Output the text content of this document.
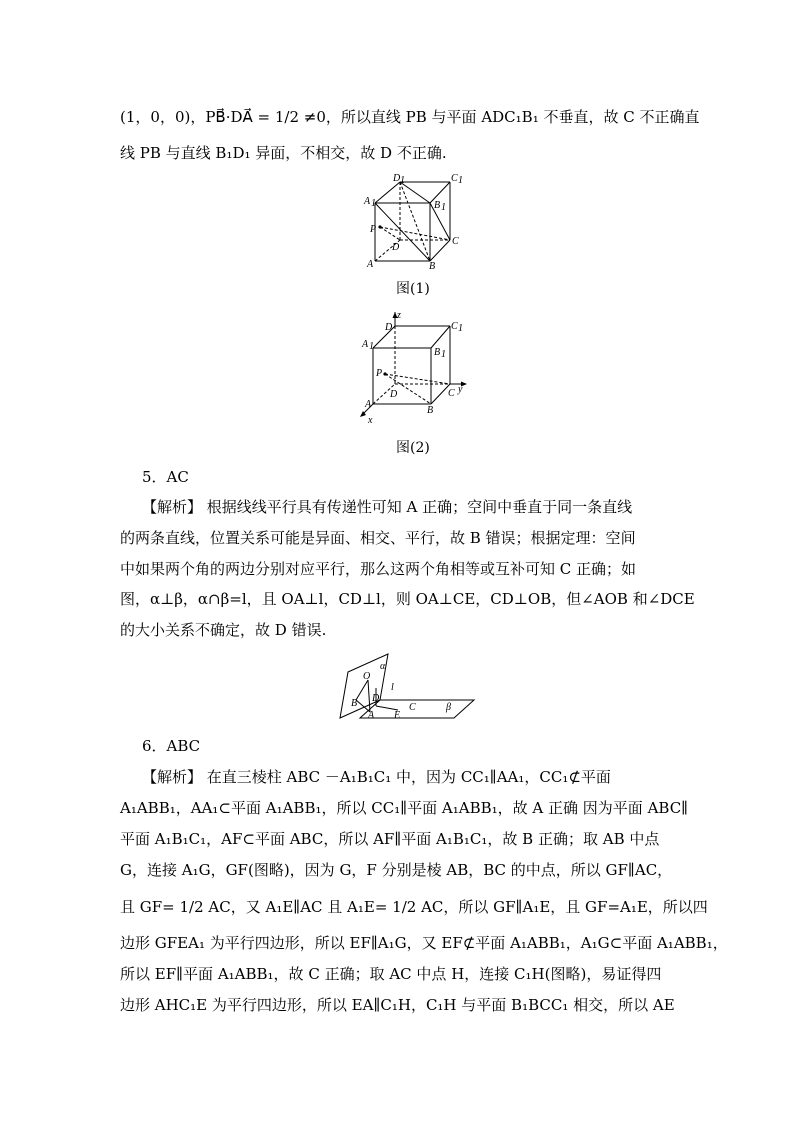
(1，0，0)，PB⃗·DA⃗ = 1/2 ≠0，所以直线 PB 与平面 ADC₁B₁ 不垂直，故 C 不正确直
线 PB 与直线 B₁D₁ 异面，不相交，故 D 不正确.
D 1	C 1
A 1	B 1
P
D
C
A	B
图(1)
D
z
C 1
A 1
B 1
P
D	C y
A
B
x
图(2)
5．AC
【解析】 根据线线平行具有传递性可知 A 正确；空间中垂直于同一条直线
的两条直线，位置关系可能是异面、相交、平行，故 B 错误；根据定理：空间
中如果两个角的两边分别对应平行，那么这两个角相等或互补可知 C 正确；如
图，α⊥β，α∩β=l，且 OA⊥l，CD⊥l，则 OA⊥CE，CD⊥OB，但∠AOB 和∠DCE
的大小关系不确定，故 D 错误.
α
O
l
B D
A E
C	β
6．ABC
【解析】 在直三棱柱 ABC －A₁B₁C₁ 中，因为 CC₁∥AA₁，CC₁⊄平面
A₁ABB₁，AA₁⊂平面 A₁ABB₁，所以 CC₁∥平面 A₁ABB₁，故 A 正确 因为平面 ABC∥
平面 A₁B₁C₁，AF⊂平面 ABC，所以 AF∥平面 A₁B₁C₁，故 B 正确；取 AB 中点
G，连接 A₁G，GF(图略)，因为 G，F 分别是棱 AB，BC 的中点，所以 GF∥AC，
且 GF= 1/2 AC，又 A₁E∥AC 且 A₁E= 1/2 AC，所以 GF∥A₁E，且 GF=A₁E，所以四
边形 GFEA₁ 为平行四边形，所以 EF∥A₁G，又 EF⊄平面 A₁ABB₁，A₁G⊂平面 A₁ABB₁，
所以 EF∥平面 A₁ABB₁，故 C 正确；取 AC 中点 H，连接 C₁H(图略)，易证得四
边形 AHC₁E 为平行四边形，所以 EA∥C₁H，C₁H 与平面 B₁BCC₁ 相交，所以 AE
